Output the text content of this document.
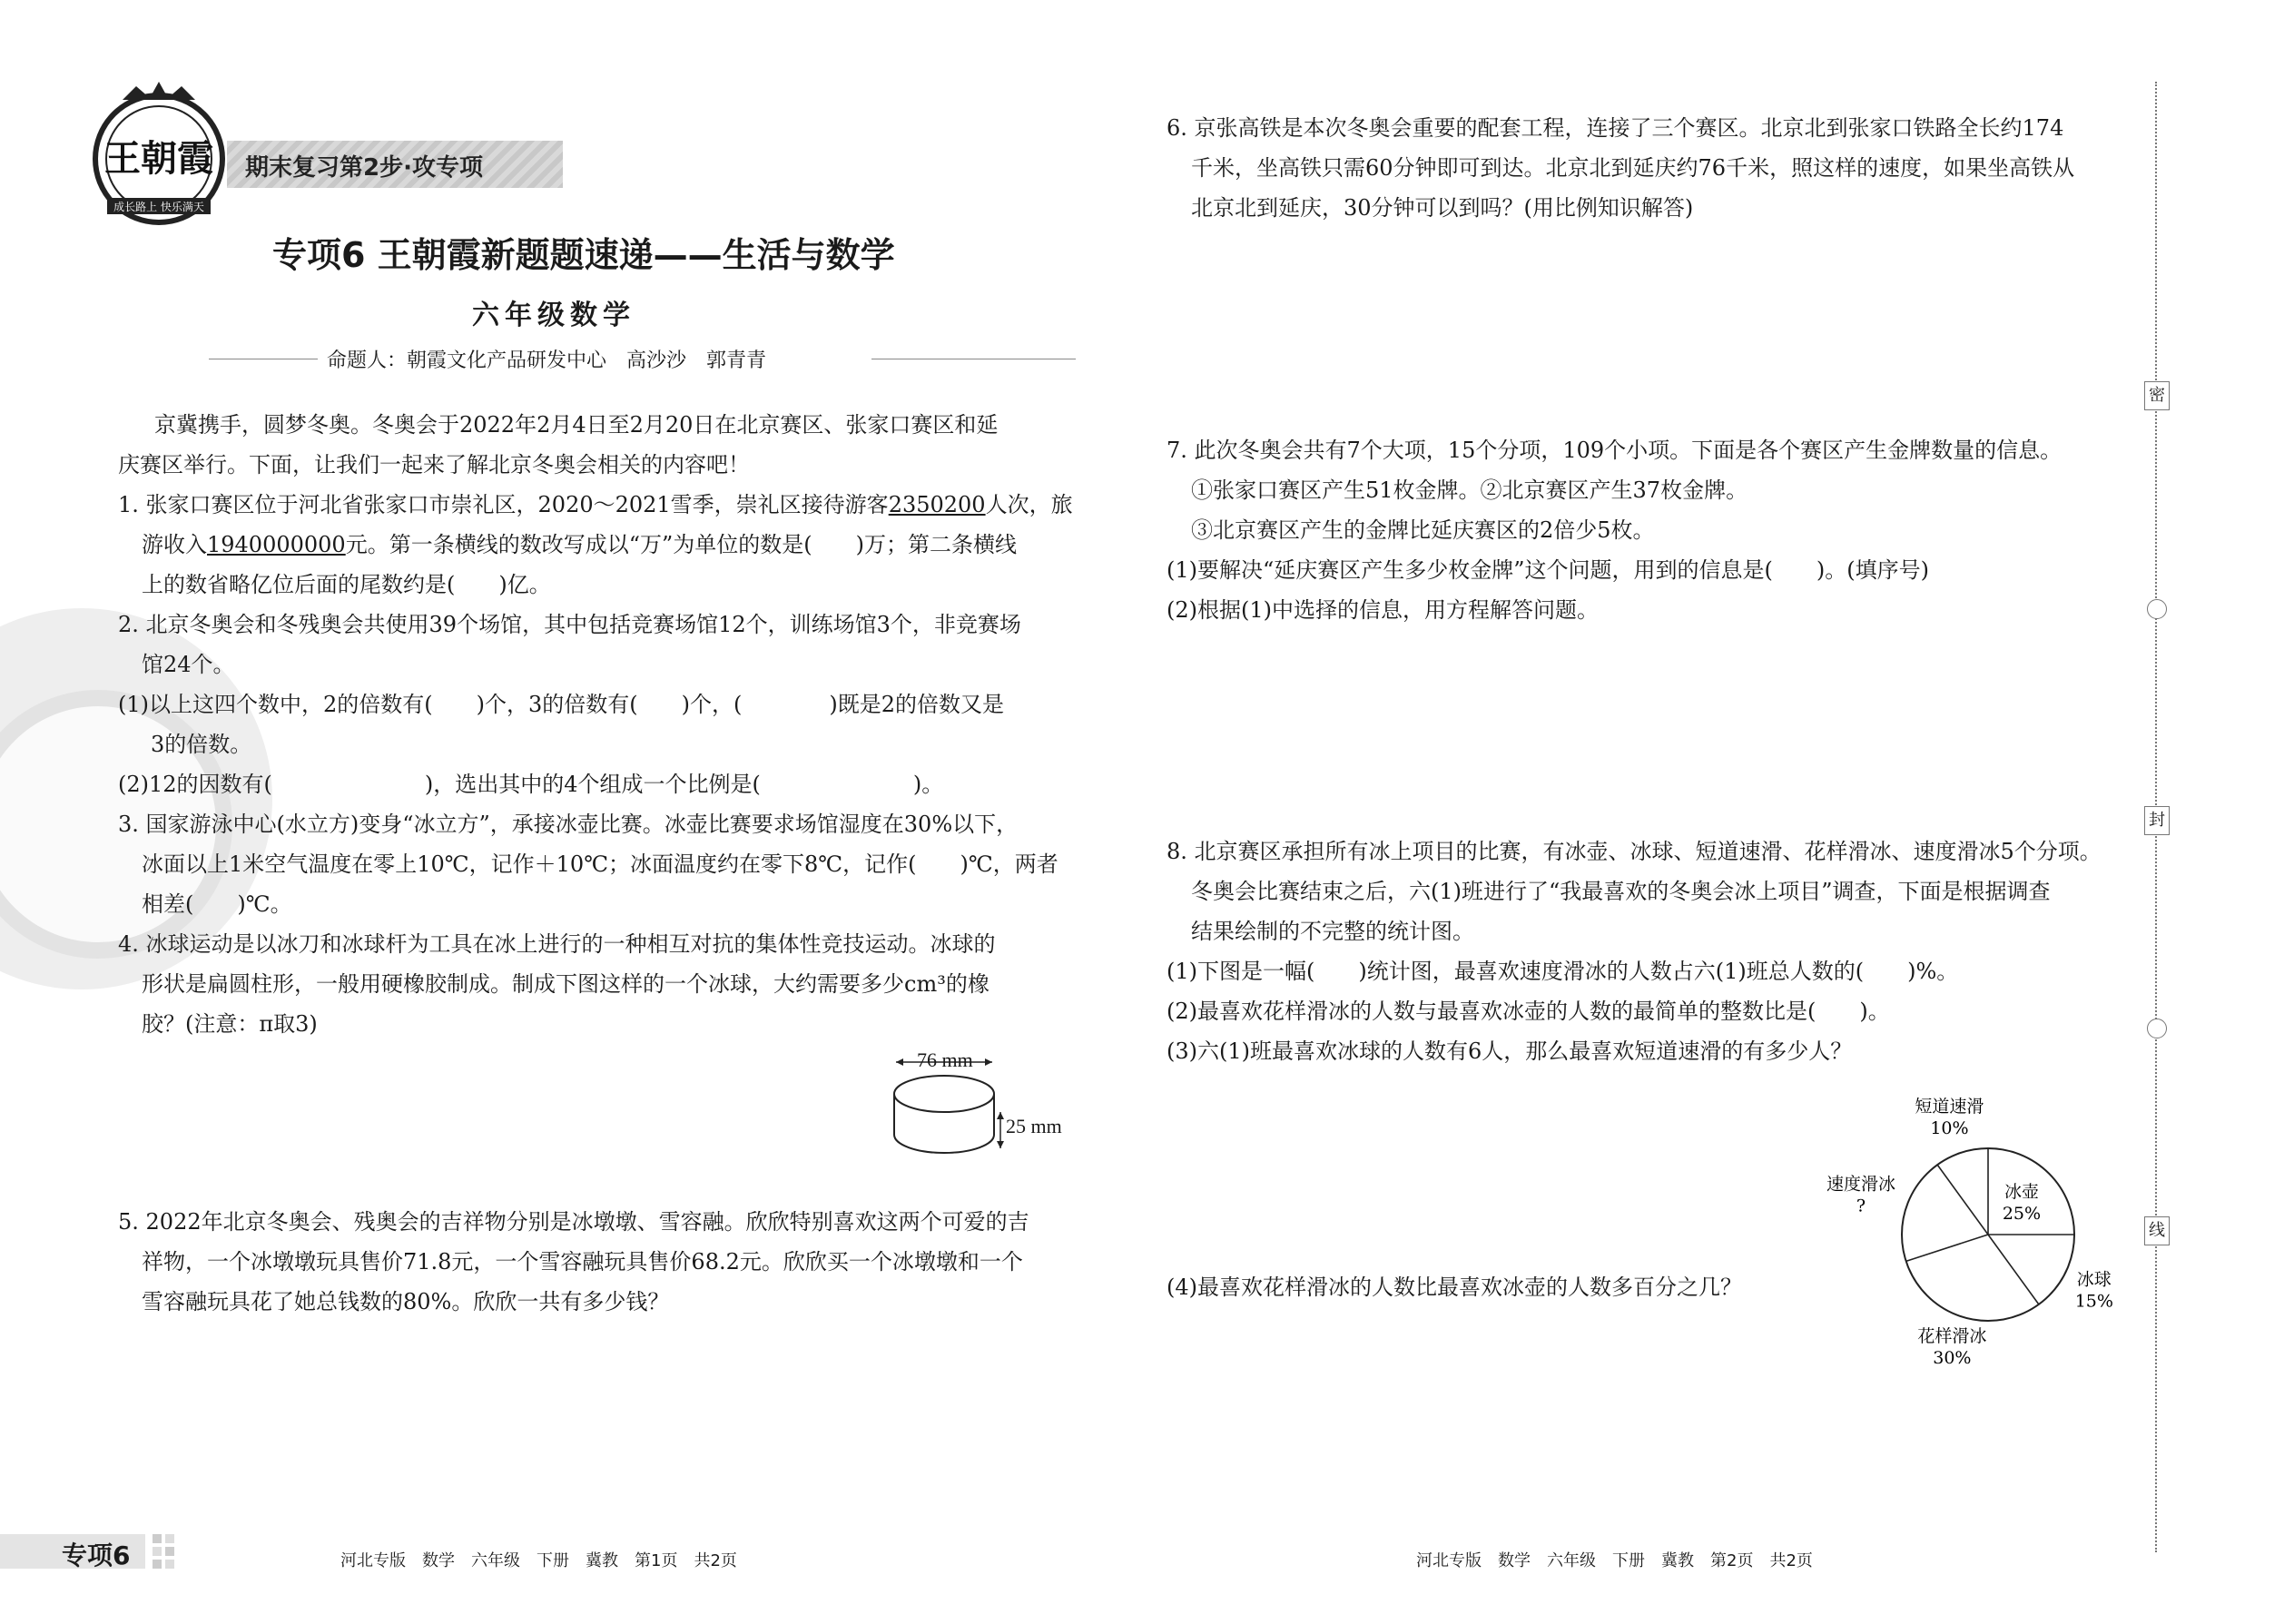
王朝霞
成长路上 快乐满天
期末复习第2步·攻专项
专项6 王朝霞新题题速递——生活与数学
六年级数学
命题人：朝霞文化产品研发中心　高沙沙　郭青青
京冀携手，圆梦冬奥。冬奥会于2022年2月4日至2月20日在北京赛区、张家口赛区和延
庆赛区举行。下面，让我们一起来了解北京冬奥会相关的内容吧！
1. 张家口赛区位于河北省张家口市崇礼区，2020～2021雪季，崇礼区接待游客2350200人次，旅
游收入1940000000元。第一条横线的数改写成以“万”为单位的数是(　　)万；第二条横线
上的数省略亿位后面的尾数约是(　　)亿。
2. 北京冬奥会和冬残奥会共使用39个场馆，其中包括竞赛场馆12个，训练场馆3个，非竞赛场
馆24个。
(1)以上这四个数中，2的倍数有(　　)个，3的倍数有(　　)个，(　　　　)既是2的倍数又是
3的倍数。
(2)12的因数有(　　　　　　　)，选出其中的4个组成一个比例是(　　　　　　　)。
3. 国家游泳中心(水立方)变身“冰立方”，承接冰壶比赛。冰壶比赛要求场馆湿度在30%以下，
冰面以上1米空气温度在零上10℃，记作＋10℃；冰面温度约在零下8℃，记作(　　)℃，两者
相差(　　)℃。
4. 冰球运动是以冰刀和冰球杆为工具在冰上进行的一种相互对抗的集体性竞技运动。冰球的
形状是扁圆柱形，一般用硬橡胶制成。制成下图这样的一个冰球，大约需要多少cm³的橡
胶？(注意：π取3)
76 mm
25 mm
5. 2022年北京冬奥会、残奥会的吉祥物分别是冰墩墩、雪容融。欣欣特别喜欢这两个可爱的吉
祥物，一个冰墩墩玩具售价71.8元，一个雪容融玩具售价68.2元。欣欣买一个冰墩墩和一个
雪容融玩具花了她总钱数的80%。欣欣一共有多少钱？
专项6	河北专版　数学　六年级　下册　冀教　第1页　共2页
6. 京张高铁是本次冬奥会重要的配套工程，连接了三个赛区。北京北到张家口铁路全长约174
千米，坐高铁只需60分钟即可到达。北京北到延庆约76千米，照这样的速度，如果坐高铁从
北京北到延庆，30分钟可以到吗？(用比例知识解答)
7. 此次冬奥会共有7个大项，15个分项，109个小项。下面是各个赛区产生金牌数量的信息。
①张家口赛区产生51枚金牌。②北京赛区产生37枚金牌。
③北京赛区产生的金牌比延庆赛区的2倍少5枚。
(1)要解决“延庆赛区产生多少枚金牌”这个问题，用到的信息是(　　)。(填序号)
(2)根据(1)中选择的信息，用方程解答问题。
8. 北京赛区承担所有冰上项目的比赛，有冰壶、冰球、短道速滑、花样滑冰、速度滑冰5个分项。
冬奥会比赛结束之后，六(1)班进行了“我最喜欢的冬奥会冰上项目”调查，下面是根据调查
结果绘制的不完整的统计图。
(1)下图是一幅(　　)统计图，最喜欢速度滑冰的人数占六(1)班总人数的(　　)%。
(2)最喜欢花样滑冰的人数与最喜欢冰壶的人数的最简单的整数比是(　　)。
(3)六(1)班最喜欢冰球的人数有6人，那么最喜欢短道速滑的有多少人？
(4)最喜欢花样滑冰的人数比最喜欢冰壶的人数多百分之几？
冰壶
25%
冰球
15%
花样滑冰
30%
速度滑冰
?
短道速滑
10%
密
封
线
河北专版　数学　六年级　下册　冀教　第2页　共2页
